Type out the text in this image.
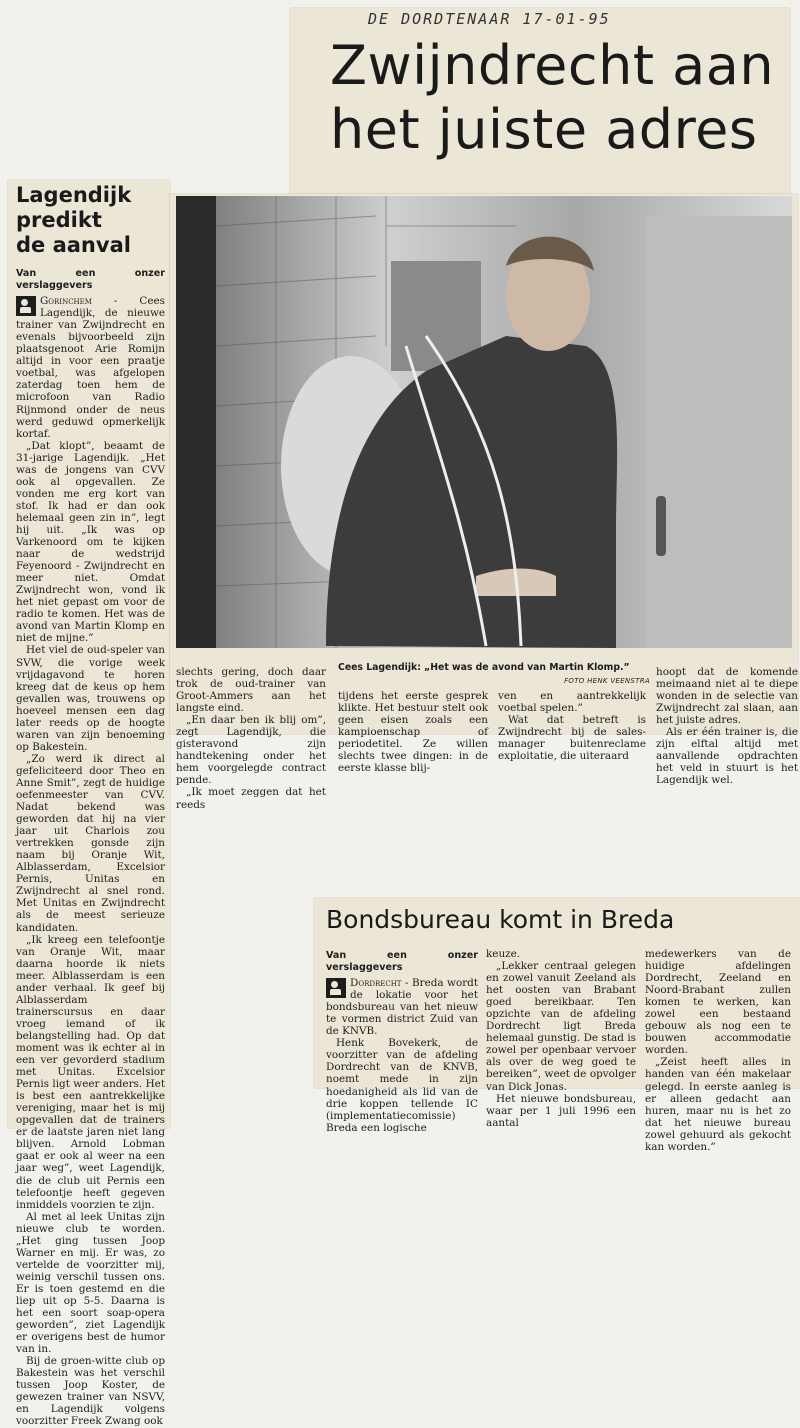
DE DORDTENAAR 17-01-95
Zwijndrecht aan
het juiste adres
Lagendijk
predikt
de aanval
Van een onzer verslaggevers

Gorinchem - Cees Lagendijk, de nieuwe trainer van Zwijndrecht en evenals bijvoorbeeld zijn plaatsgenoot Arie Romijn altijd in voor een praatje voetbal, was afgelopen zaterdag toen hem de microfoon van Radio Rijnmond onder de neus werd geduwd opmerkelijk kortaf.

„Dat klopt”, beaamt de 31-jarige Lagendijk. „Het was de jongens van CVV ook al opgevallen. Ze vonden me erg kort van stof. Ik had er dan ook helemaal geen zin in”, legt hij uit. „Ik was op Varkenoord om te kijken naar de wedstrijd Feyenoord - Zwijndrecht en meer niet. Omdat Zwijndrecht won, vond ik het niet gepast om voor de radio te komen. Het was de avond van Martin Klomp en niet de mijne.”

Het viel de oud-speler van SVW, die vorige week vrijdagavond te horen kreeg dat de keus op hem gevallen was, trouwens op hoeveel mensen een dag later reeds op de hoogte waren van zijn benoeming op Bakestein.

„Zo werd ik direct al gefeliciteerd door Theo en Anne Smit”, zegt de huidige oefenmeester van CVV. Nadat bekend was geworden dat hij na vier jaar uit Charlois zou vertrekken gonsde zijn naam bij Oranje Wit, Alblasserdam, Excelsior Pernis, Unitas en Zwijndrecht al snel rond. Met Unitas en Zwijndrecht als de meest serieuze kandidaten.

„Ik kreeg een telefoontje van Oranje Wit, maar daarna hoorde ik niets meer. Alblasserdam is een ander verhaal. Ik geef bij Alblasserdam trainerscursus en daar vroeg iemand of ik belangstelling had. Op dat moment was ik echter al in een ver gevorderd stadium met Unitas. Excelsior Pernis ligt weer anders. Het is best een aantrekkelijke vereniging, maar het is mij opgevallen dat de trainers er de laatste jaren niet lang blijven. Arnold Lobman gaat er ook al weer na een jaar weg”, weet Lagendijk, die de club uit Pernis een telefoontje heeft gegeven inmiddels voorzien te zijn.

Al met al leek Unitas zijn nieuwe club te worden. „Het ging tussen Joop Warner en mij. Er was, zo vertelde de voorzitter mij, weinig verschil tussen ons. Er is toen gestemd en die liep uit op 5-5. Daarna is het een soort soap-opera geworden”, ziet Lagendijk er overigens best de humor van in.

Bij de groen-witte club op Bakestein was het verschil tussen Joop Koster, de gewezen trainer van NSVV, en Lagendijk volgens voorzitter Freek Zwang ook

Cees Lagendijk: „Het was de avond van Martin Klomp.”
FOTO HENK VEENSTRA

slechts gering, doch daar trok de oud-trainer van Groot-Ammers aan het langste eind.

„En daar ben ik blij om”, zegt Lagendijk, die gisteravond zijn handtekening onder het hem voorgelegde contract pende.

„Ik moet zeggen dat het reeds

tijdens het eerste gesprek klikte. Het bestuur stelt ook geen eisen zoals een kampioenschap of periodetitel. Ze willen slechts twee dingen: in de eerste klasse blij-

ven en aantrekkelijk voetbal spelen.”

Wat dat betreft is Zwijndrecht bij de sales-manager buitenreclame exploitatie, die uiteraard

hoopt dat de komende meimaand niet al te diepe wonden in de selectie van Zwijndrecht zal slaan, aan het juiste adres.

Als er één trainer is, die zijn elftal altijd met aanvallende opdrachten het veld in stuurt is het Lagendijk wel.

Bondsbureau komt in Breda
Van een onzer verslaggevers

Dordrecht - Breda wordt de lokatie voor het bondsbureau van het nieuw te vormen district Zuid van de KNVB.

Henk Bovekerk, de voorzitter van de afdeling Dordrecht van de KNVB, noemt mede in zijn hoedanigheid als lid van de drie koppen tellende IC (implementatiecomissie) Breda een logische

keuze.

„Lekker centraal gelegen en zowel vanuit Zeeland als het oosten van Brabant goed bereikbaar. Ten opzichte van de afdeling Dordrecht ligt Breda helemaal gunstig. De stad is zowel per openbaar vervoer als over de weg goed te bereiken”, weet de opvolger van Dick Jonas.

Het nieuwe bondsbureau, waar per 1 juli 1996 een aantal

medewerkers van de huidige afdelingen Dordrecht, Zeeland en Noord-Brabant zullen komen te werken, kan zowel een bestaand gebouw als nog een te bouwen accommodatie worden.

„Zeist heeft alles in handen van één makelaar gelegd. In eerste aanleg is er alleen gedacht aan huren, maar nu is het zo dat het nieuwe bureau zowel gehuurd als gekocht kan worden.”
